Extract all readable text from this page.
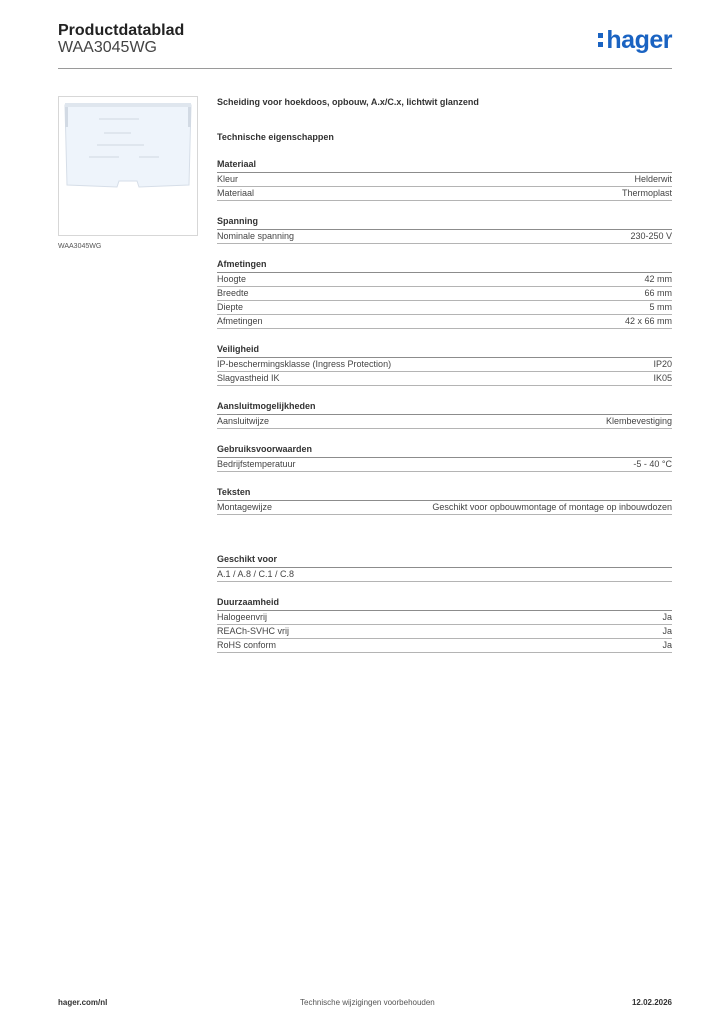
Productdatablad
WAA3045WG	hager
WAA3045WG
Scheiding voor hoekdoos, opbouw, A.x/C.x, lichtwit glanzend
Technische eigenschappen
Materiaal
Kleur	Helderwit
Materiaal	Thermoplast
Spanning
Nominale spanning	230-250 V
Afmetingen
Hoogte	42 mm
Breedte	66 mm
Diepte	5 mm
Afmetingen	42 x 66 mm
Veiligheid
IP-beschermingsklasse (Ingress Protection)	IP20
Slagvastheid IK	IK05
Aansluitmogelijkheden
Aansluitwijze	Klembevestiging
Gebruiksvoorwaarden
Bedrijfstemperatuur	-5 - 40 °C
Teksten
Montagewijze	Geschikt voor opbouwmontage of montage op inbouwdozen
Geschikt voor
A.1 / A.8 / C.1 / C.8
Duurzaamheid
Halogeenvrij	Ja
REACh-SVHC vrij	Ja
RoHS conform	Ja
hager.com/nl	Technische wijzigingen voorbehouden	12.02.2026
